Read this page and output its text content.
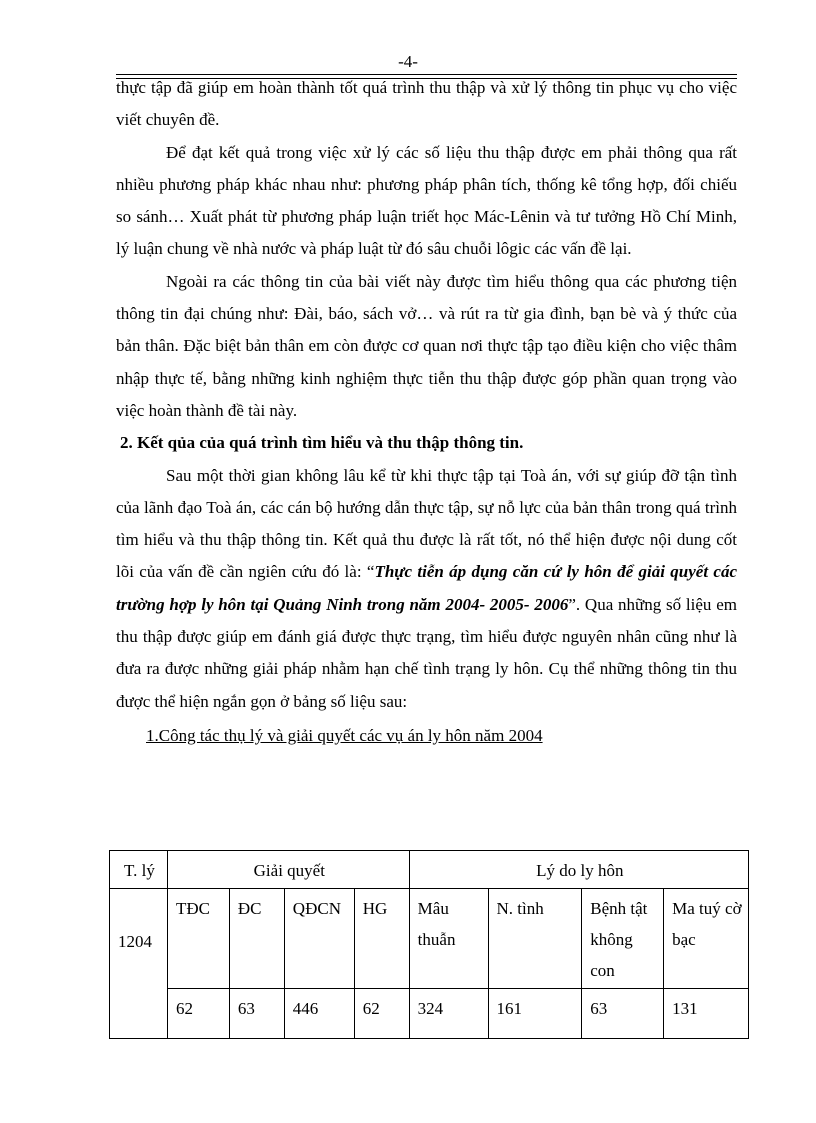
-4-

thực tập đã giúp em hoàn thành tốt quá trình thu thập và xử lý thông tin phục vụ cho việc viết chuyên đề.

Để đạt kết quả trong việc xử lý các số liệu thu thập được em phải thông qua rất nhiều phương pháp khác nhau như: phương pháp phân tích, thống kê tổng hợp, đối chiếu so sánh… Xuất phát từ phương pháp luận triết học Mác-Lênin và tư tưởng Hồ Chí Minh, lý luận chung về nhà nước và pháp luật từ đó sâu chuỗi lôgic các vấn đề lại.

Ngoài ra các thông tin của bài viết này được tìm hiểu thông qua các phương tiện thông tin đại chúng như: Đài, báo, sách vở… và rút ra từ gia đình, bạn bè và ý thức của bản thân. Đặc biệt bản thân em còn được cơ quan nơi thực tập tạo điều kiện cho việc thâm nhập thực tế, bằng những kinh nghiệm thực tiễn thu thập được góp phần quan trọng vào việc hoàn thành đề tài này.

2. Kết qủa của quá trình tìm hiểu và thu thập thông tin.

Sau một thời gian không lâu kể từ khi thực tập tại Toà án, với sự giúp đỡ tận tình của lãnh đạo Toà án, các cán bộ hướng dẫn thực tập, sự nỗ lực của bản thân trong quá trình tìm hiểu và thu thập thông tin. Kết quả thu được là rất tốt, nó thể hiện được nội dung cốt lõi của vấn đề cần ngiên cứu đó là: “Thực tiễn áp dụng căn cứ ly hôn để giải quyết các trường hợp ly hôn tại Quảng Ninh trong năm 2004- 2005- 2006”. Qua những số liệu em thu thập được giúp em đánh giá được thực trạng, tìm hiểu được nguyên nhân cũng như là đưa ra được những giải pháp nhằm hạn chế tình trạng ly hôn. Cụ thể những thông tin thu được thể hiện ngắn gọn ở bảng số liệu sau:

1.Công tác thụ lý và giải quyết các vụ án ly hôn năm 2004

T. lý	Giải quyết				Lý do ly hôn			
1204	TĐC	ĐC	QĐCN	HG	Mâu thuẫn	N. tình	Bệnh tật không con	Ma tuý cờ bạc
	62	63	446	62	324	161	63	131
